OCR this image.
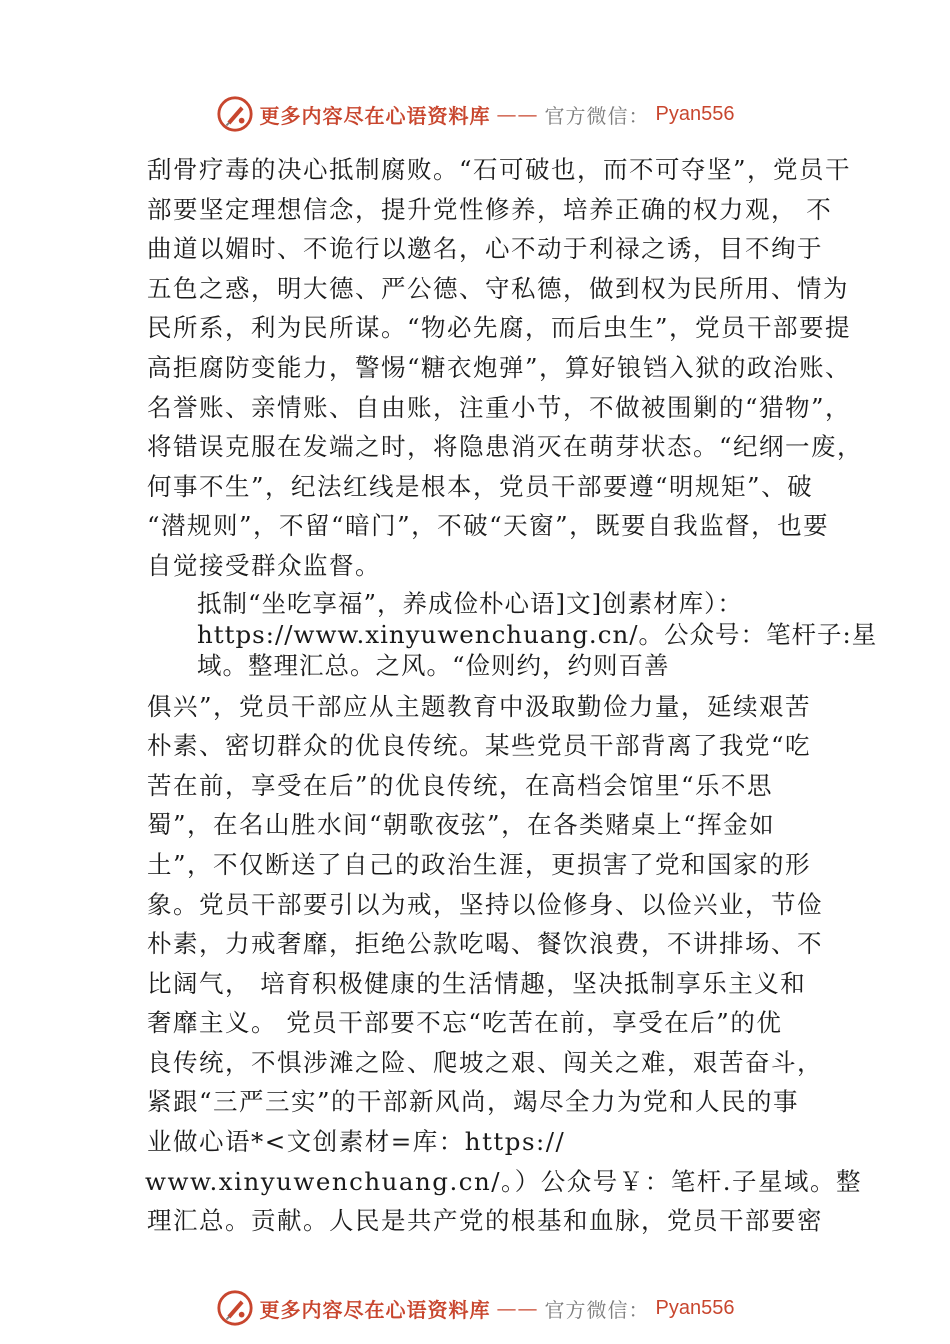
更多内容尽在心语资料库 —— 官方微信： Pyan556
刮骨疗毒的决心抵制腐败。“石可破也，而不可夺坚”，党员干
部要坚定理想信念，提升党性修养，培养正确的权力观， 不
曲道以媚时、不诡行以邀名，心不动于利禄之诱，目不绚于
五色之惑，明大德、严公德、守私德，做到权为民所用、情为
民所系，利为民所谋。“物必先腐，而后虫生”，党员干部要提
高拒腐防变能力，警惕“糖衣炮弹”，算好锒铛入狱的政治账、
名誉账、亲情账、自由账，注重小节，不做被围剿的“猎物”，
将错误克服在发端之时，将隐患消灭在萌芽状态。“纪纲一废，
何事不生”，纪法红线是根本，党员干部要遵“明规矩”、破
“潜规则”，不留“暗门”，不破“天窗”，既要自我监督，也要
自觉接受群众监督。
抵制“坐吃享福”，养成俭朴心语]文]创素材库）：
https://www.xinyuwenchuang.cn/。公众号：笔杆子:星
域。整理汇总。之风。“俭则约，约则百善
俱兴”，党员干部应从主题教育中汲取勤俭力量，延续艰苦
朴素、密切群众的优良传统。某些党员干部背离了我党“吃
苦在前，享受在后”的优良传统，在高档会馆里“乐不思
蜀”，在名山胜水间“朝歌夜弦”，在各类赌桌上“挥金如
土”，不仅断送了自己的政治生涯，更损害了党和国家的形
象。党员干部要引以为戒，坚持以俭修身、以俭兴业，节俭
朴素，力戒奢靡，拒绝公款吃喝、餐饮浪费，不讲排场、不
比阔气， 培育积极健康的生活情趣，坚决抵制享乐主义和
奢靡主义。 党员干部要不忘“吃苦在前，享受在后”的优
良传统，不惧涉滩之险、爬坡之艰、闯关之难，艰苦奋斗，
紧跟“三严三实”的干部新风尚，竭尽全力为党和人民的事
业做心语*<文创素材=库：https://
www.xinyuwenchuang.cn/。）公众号￥：笔杆.子星域。整
理汇总。贡献。人民是共产党的根基和血脉，党员干部要密
更多内容尽在心语资料库 —— 官方微信： Pyan556
